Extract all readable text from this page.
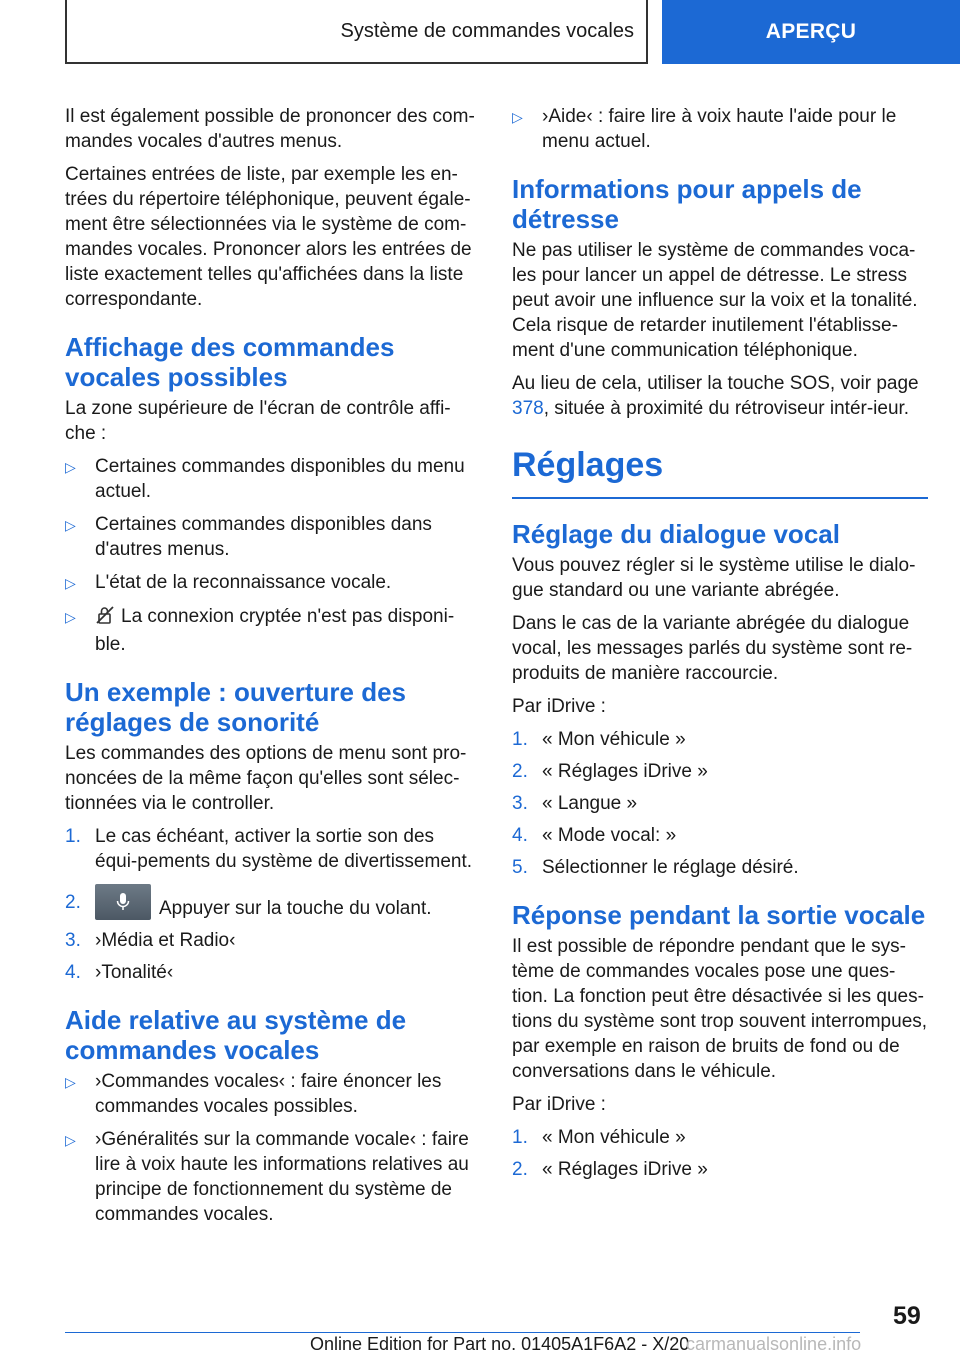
Système de commandes vocales	APERÇU

Il est également possible de prononcer des com‐mandes vocales d'autres menus.

Certaines entrées de liste, par exemple les en‐trées du répertoire téléphonique, peuvent égale‐ment être sélectionnées via le système de com‐mandes vocales. Prononcer alors les entrées de liste exactement telles qu'affichées dans la liste correspondante.

Affichage des commandes vocales possibles

La zone supérieure de l'écran de contrôle affi‐che :

▷	Certaines commandes disponibles du menu actuel.
▷	Certaines commandes disponibles dans d'autres menus.
▷	L'état de la reconnaissance vocale.
▷	La connexion cryptée n'est pas disponi‐ble.
Un exemple : ouverture des réglages de sonorité

Les commandes des options de menu sont pro‐noncées de la même façon qu'elles sont sélec‐tionnées via le controller.

1. Le cas échéant, activer la sortie son des équi‐pements du système de divertissement.
2.	Appuyer sur la touche du volant.
3. ›Média et Radio‹
4. ›Tonalité‹
Aide relative au système de commandes vocales
▷	›Commandes vocales‹ : faire énoncer les commandes vocales possibles.
▷	›Généralités sur la commande vocale‹ : faire lire à voix haute les informations relatives au principe de fonctionnement du système de commandes vocales.
▷	›Aide‹ : faire lire à voix haute l'aide pour le menu actuel.
Informations pour appels de détresse

Ne pas utiliser le système de commandes voca‐les pour lancer un appel de détresse. Le stress peut avoir une influence sur la voix et la tonalité. Cela risque de retarder inutilement l'établisse‐ment d'une communication téléphonique.

Au lieu de cela, utiliser la touche SOS, voir page 378, située à proximité du rétroviseur intér‐ieur.

Réglages
Réglage du dialogue vocal

Vous pouvez régler si le système utilise le dialo‐gue standard ou une variante abrégée.

Dans le cas de la variante abrégée du dialogue vocal, les messages parlés du système sont re‐produits de manière raccourcie.

Par iDrive :

1. « Mon véhicule »
2. « Réglages iDrive »
3. « Langue »
4. « Mode vocal: »
5. Sélectionner le réglage désiré.
Réponse pendant la sortie vocale

Il est possible de répondre pendant que le sys‐tème de commandes vocales pose une ques‐tion. La fonction peut être désactivée si les ques‐tions du système sont trop souvent interrompues, par exemple en raison de bruits de fond ou de conversations dans le véhicule.

Par iDrive :

1. « Mon véhicule »
2. « Réglages iDrive »
59
Online Edition for Part no. 01405A1F6A2 - X/20
carmanualsonline.info
